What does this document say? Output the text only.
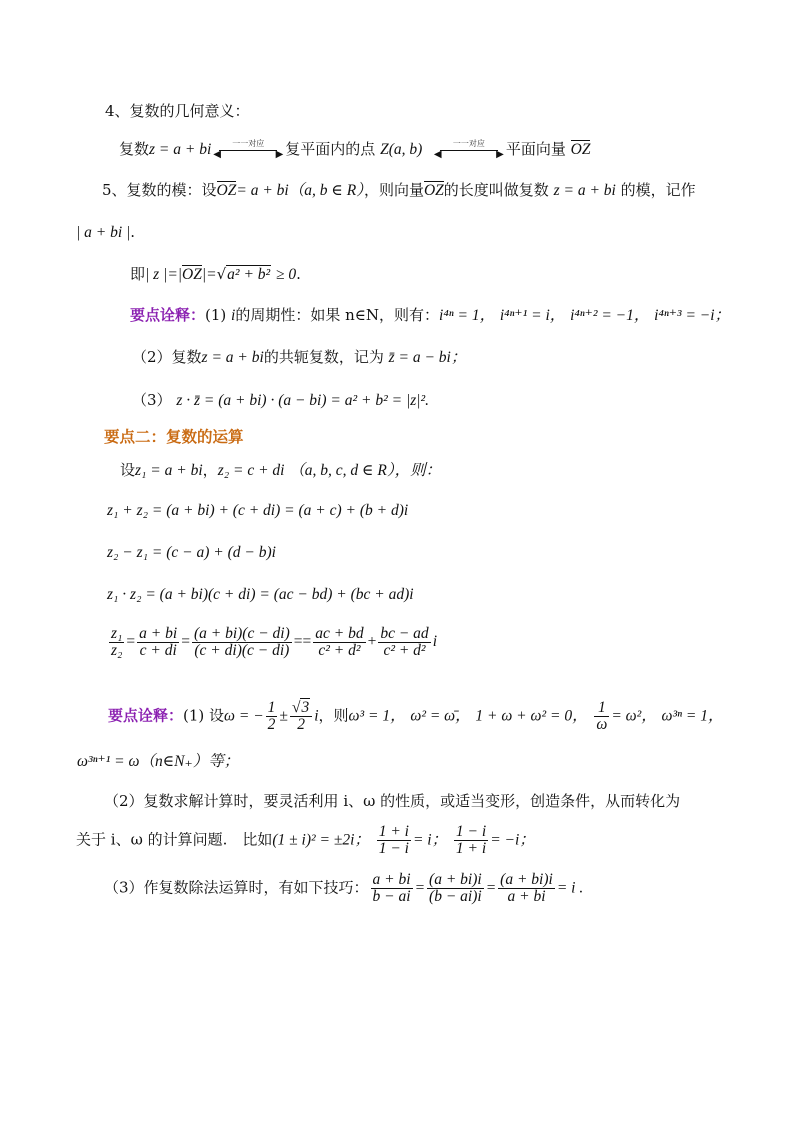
4、复数的几何意义：
复数z = a + bi	一一对应
◀	▶ 复平面内的点 Z(a, b)	一一对应
◀	▶ 平面向量 OZ
5、复数的模：设OZ= a + bi（a, b ∈ R），则向量OZ的长度叫做复数 z = a + bi 的模，记作
| a + bi |.
即| z |=|OZ|=√a² + b² ≥ 0.
要点诠释：(1) i的周期性：如果 n∈N，则有：i⁴ⁿ = 1， i⁴ⁿ⁺¹ = i， i⁴ⁿ⁺² = −1， i⁴ⁿ⁺³ = −i；
（2）复数z = a + bi的共轭复数，记为 z̄ = a − bi；
（3） z · z̄ = (a + bi) · (a − bi) = a² + b² = |z|².
要点二：复数的运算
设z₁ = a + bi，z₂ = c + di （a, b, c, d ∈ R），则：
z₁ + z₂ = (a + bi) + (c + di) = (a + c) + (b + d)i
z₂ − z₁ = (c − a) + (d − b)i
z₁ · z₂ = (a + bi)(c + di) = (ac − bd) + (bc + ad)i
$\frac{\text{z₁}}{\text{z₂}} = \frac{a + bi}{c + di} = \frac{(a + bi)(c - di)}{(c + di)(c - di)} == \frac{ac + bd}{\text{c² + d²}} + \frac{bc - ad}{\text{c² + d²}}$ i
要点诠释：(1) 设ω = − $\frac{1}{2} \pm \frac{√3}{2}$ i，则ω³ = 1， ω² = ω̄， 1 + ω + ω² = 0， $\frac{1}{\omega} = \omega^2$， ω³ⁿ = 1，
ω³ⁿ⁺¹ = ω（n∈N₊）等；
（2）复数求解计算时，要灵活利用 i、ω 的性质，或适当变形，创造条件，从而转化为
关于 i、ω 的计算问题.　比如(1 ± i)² = ±2i； $\frac{1 + i}{1 - i} = i$； $\frac{1 - i}{1 + i} = -i$；
（3）作复数除法运算时，有如下技巧： $\frac{a + bi}{b - ai} = \frac{(a + bi)i}{(b - ai)i} = \frac{(a + bi)i}{a + bi} = i$ .
